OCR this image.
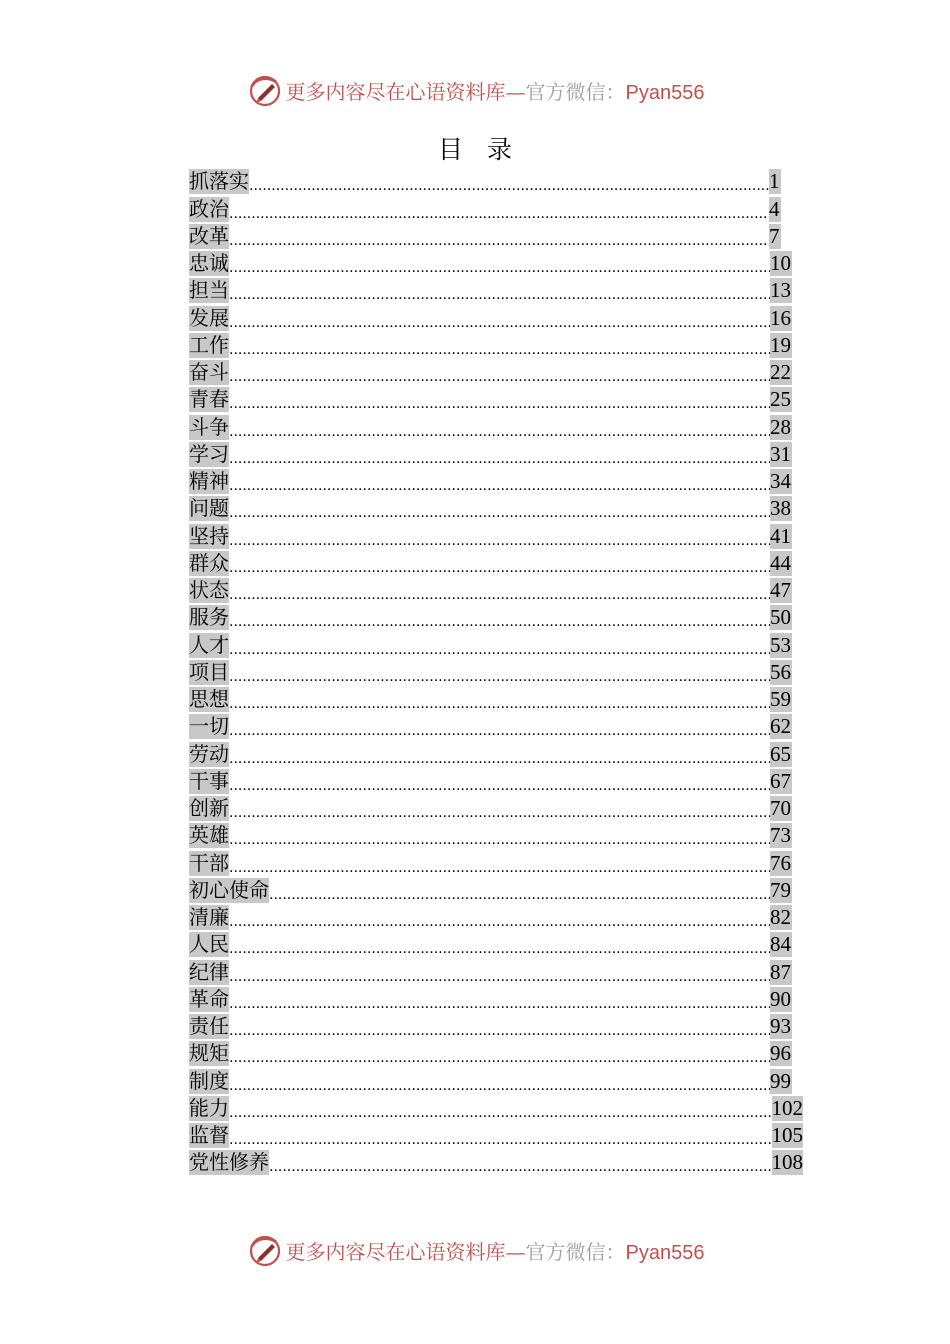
更多内容尽在心语资料库—官方微信：Pyan556
目录
抓落实 .....	1
政治 .....	4
改革 .....	7
忠诚 .....	10
担当 .....	13
发展 .....	16
工作 .....	19
奋斗 .....	22
青春 .....	25
斗争 .....	28
学习 .....	31
精神 .....	34
问题 .....	38
坚持 .....	41
群众 .....	44
状态 .....	47
服务 .....	50
人才 .....	53
项目 .....	56
思想 .....	59
一切 .....	62
劳动 .....	65
干事 .....	67
创新 .....	70
英雄 .....	73
干部 .....	76
初心使命 .....	79
清廉 .....	82
人民 .....	84
纪律 .....	87
革命 .....	90
责任 .....	93
规矩 .....	96
制度 .....	99
能力 .....	102
监督 .....	105
党性修养 .....	108
更多内容尽在心语资料库—官方微信：Pyan556
